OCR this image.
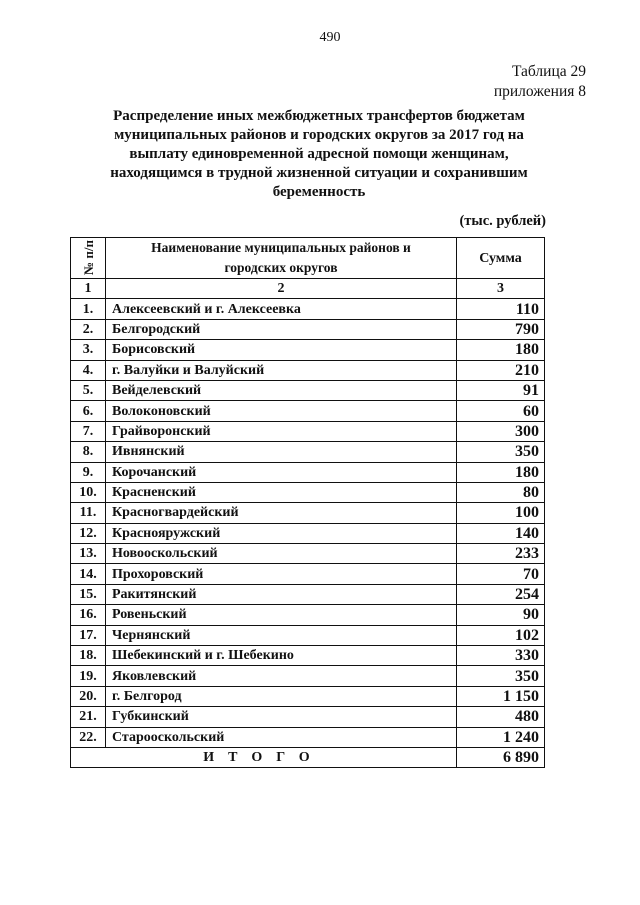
490
Таблица 29
приложения 8
Распределение иных межбюджетных трансфертов бюджетам
муниципальных районов и городских округов за 2017 год на
выплату единовременной адресной помощи женщинам,
находящимся в трудной жизненной ситуации и сохранившим
беременность
(тыс. рублей)
№ п/п	Наименование муниципальных районов и
городских округов	Сумма
1	2	3
1.	Алексеевский и г. Алексеевка	110
2.	Белгородский	790
3.	Борисовский	180
4.	г. Валуйки и Валуйский	210
5.	Вейделевский	91
6.	Волоконовский	60
7.	Грайворонский	300
8.	Ивнянский	350
9.	Корочанский	180
10.	Красненский	80
11.	Красногвардейский	100
12.	Краснояружский	140
13.	Новооскольский	233
14.	Прохоровский	70
15.	Ракитянский	254
16.	Ровеньский	90
17.	Чернянский	102
18.	Шебекинский и г. Шебекино	330
19.	Яковлевский	350
20.	г. Белгород	1 150
21.	Губкинский	480
22.	Старооскольский	1 240
ИТОГО		6 890
